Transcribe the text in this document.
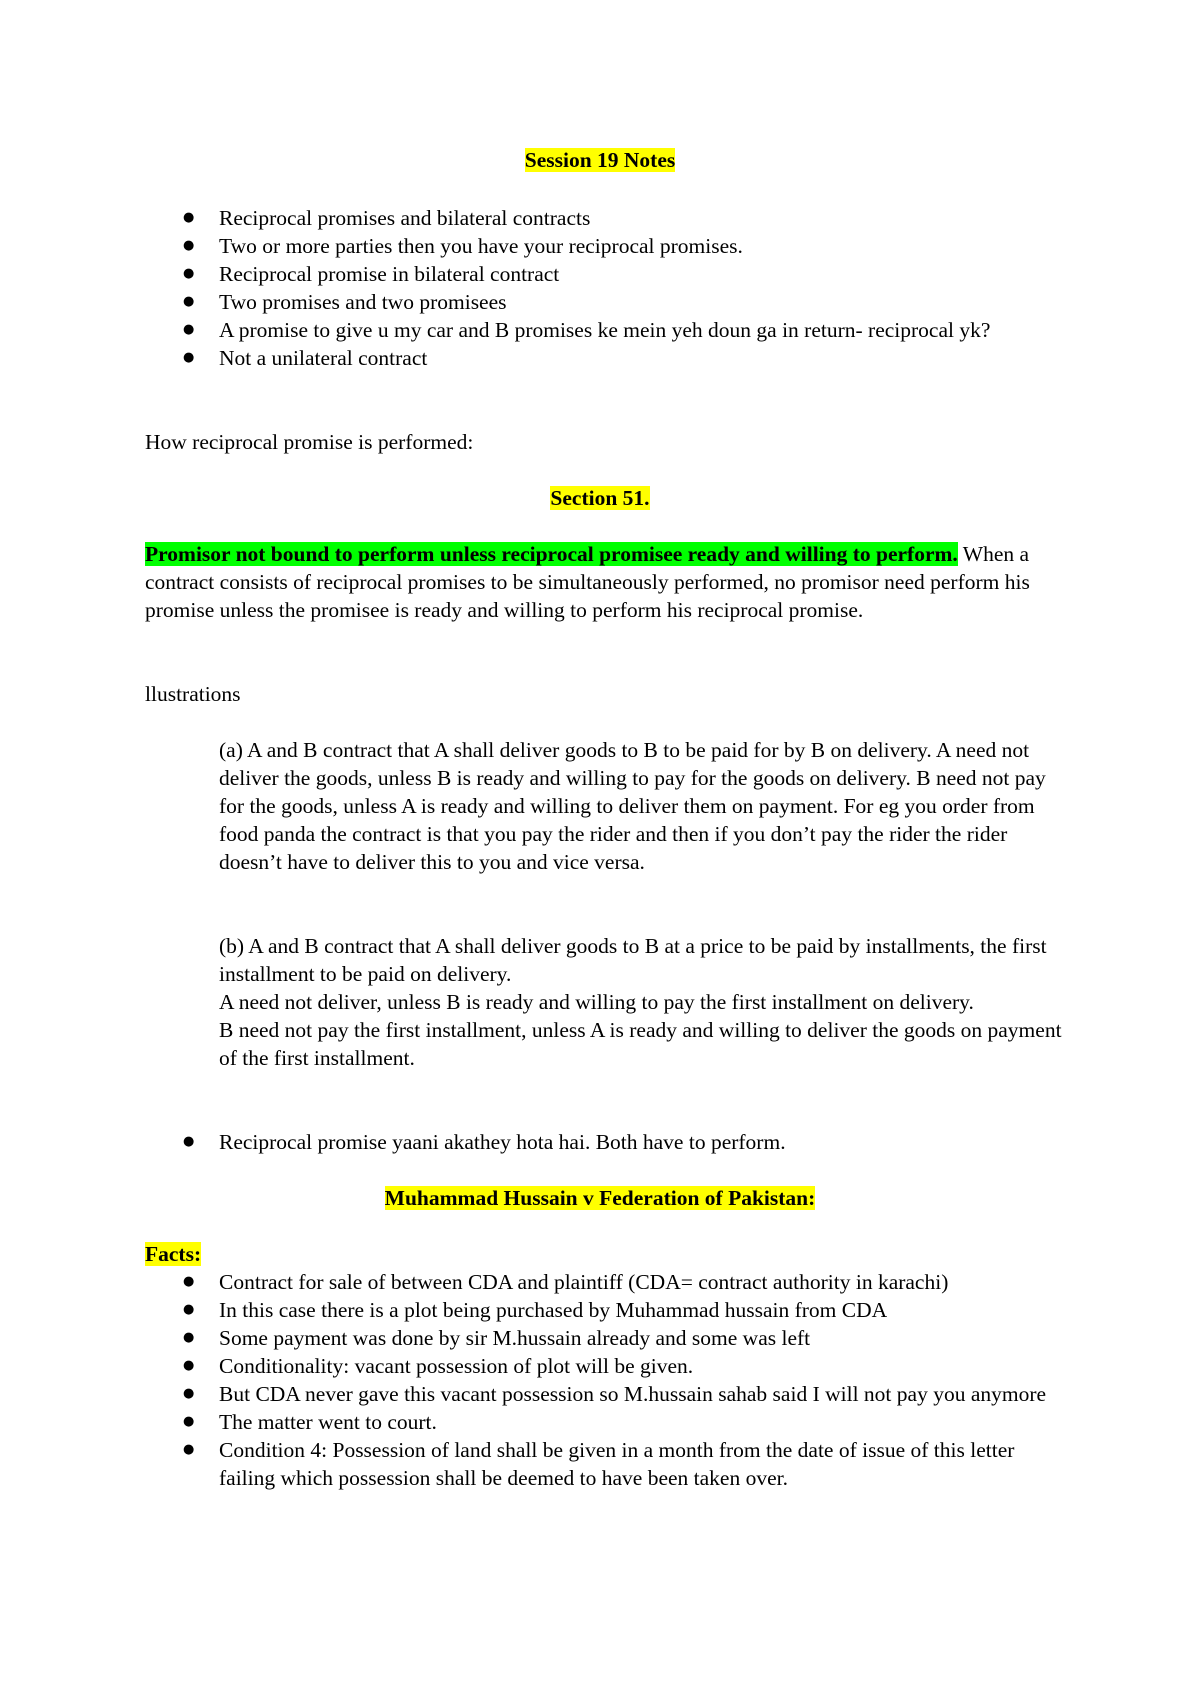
Session 19 Notes
● Reciprocal promises and bilateral contracts
● Two or more parties then you have your reciprocal promises.
● Reciprocal promise in bilateral contract
● Two promises and two promisees
● A promise to give u my car and B promises ke mein yeh doun ga in return- reciprocal yk?
● Not a unilateral contract

How reciprocal promise is performed:

Section 51.

Promisor not bound to perform unless reciprocal promisee ready and willing to perform. When a contract consists of reciprocal promises to be simultaneously performed, no promisor need perform his promise unless the promisee is ready and willing to perform his reciprocal promise.

llustrations

(a) A and B contract that A shall deliver goods to B to be paid for by B on delivery. A need not deliver the goods, unless B is ready and willing to pay for the goods on delivery. B need not pay for the goods, unless A is ready and willing to deliver them on payment. For eg you order from food panda the contract is that you pay the rider and then if you don’t pay the rider the rider doesn’t have to deliver this to you and vice versa.

(b) A and B contract that A shall deliver goods to B at a price to be paid by installments, the first installment to be paid on delivery.

A need not deliver, unless B is ready and willing to pay the first installment on delivery.

B need not pay the first installment, unless A is ready and willing to deliver the goods on payment of the first installment.

● Reciprocal promise yaani akathey hota hai. Both have to perform.
Muhammad Hussain v Federation of Pakistan:

Facts:

● Contract for sale of between CDA and plaintiff (CDA= contract authority in karachi)
● In this case there is a plot being purchased by Muhammad hussain from CDA
● Some payment was done by sir M.hussain already and some was left
● Conditionality: vacant possession of plot will be given.
● But CDA never gave this vacant possession so M.hussain sahab said I will not pay you anymore
● The matter went to court.
● Condition 4: Possession of land shall be given in a month from the date of issue of this letter failing which possession shall be deemed to have been taken over.
